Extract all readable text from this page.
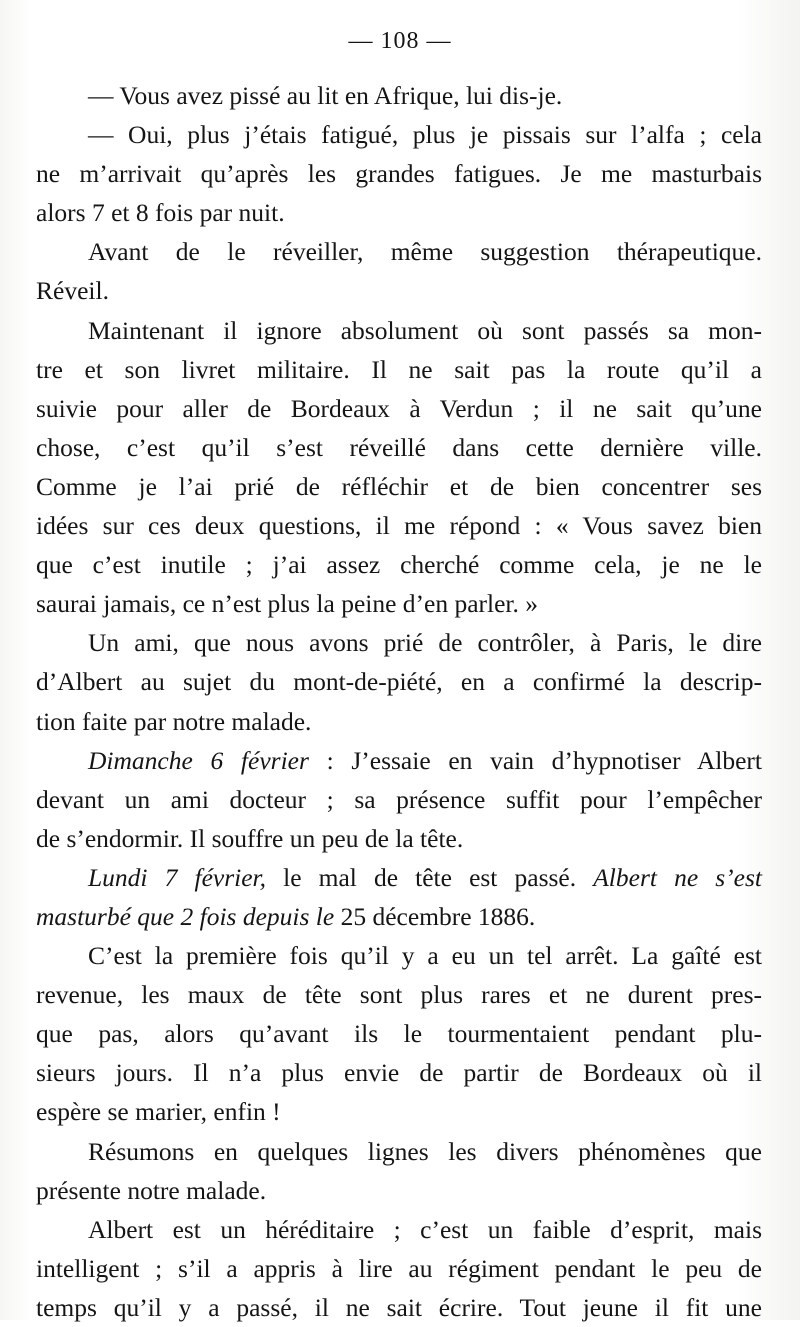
— 108 —
— Vous avez pissé au lit en Afrique, lui dis-je.
— Oui, plus j’étais fatigué, plus je pissais sur l’alfa ; cela
ne m’arrivait qu’après les grandes fatigues. Je me masturbais
alors 7 et 8 fois par nuit.
Avant de le réveiller, même suggestion thérapeutique.
Réveil.
Maintenant il ignore absolument où sont passés sa mon-
tre et son livret militaire. Il ne sait pas la route qu’il a
suivie pour aller de Bordeaux à Verdun ; il ne sait qu’une
chose, c’est qu’il s’est réveillé dans cette dernière ville.
Comme je l’ai prié de réfléchir et de bien concentrer ses
idées sur ces deux questions, il me répond : « Vous savez bien
que c’est inutile ; j’ai assez cherché comme cela, je ne le
saurai jamais, ce n’est plus la peine d’en parler. »
Un ami, que nous avons prié de contrôler, à Paris, le dire
d’Albert au sujet du mont-de-piété, en a confirmé la descrip-
tion faite par notre malade.
Dimanche 6 février : J’essaie en vain d’hypnotiser Albert
devant un ami docteur ; sa présence suffit pour l’empêcher
de s’endormir. Il souffre un peu de la tête.
Lundi 7 février, le mal de tête est passé. Albert ne s’est
masturbé que 2 fois depuis le 25 décembre 1886.
C’est la première fois qu’il y a eu un tel arrêt. La gaîté est
revenue, les maux de tête sont plus rares et ne durent pres-
que pas, alors qu’avant ils le tourmentaient pendant plu-
sieurs jours. Il n’a plus envie de partir de Bordeaux où il
espère se marier, enfin !
Résumons en quelques lignes les divers phénomènes que
présente notre malade.
Albert est un héréditaire ; c’est un faible d’esprit, mais
intelligent ; s’il a appris à lire au régiment pendant le peu de
temps qu’il y a passé, il ne sait écrire. Tout jeune il fit une
